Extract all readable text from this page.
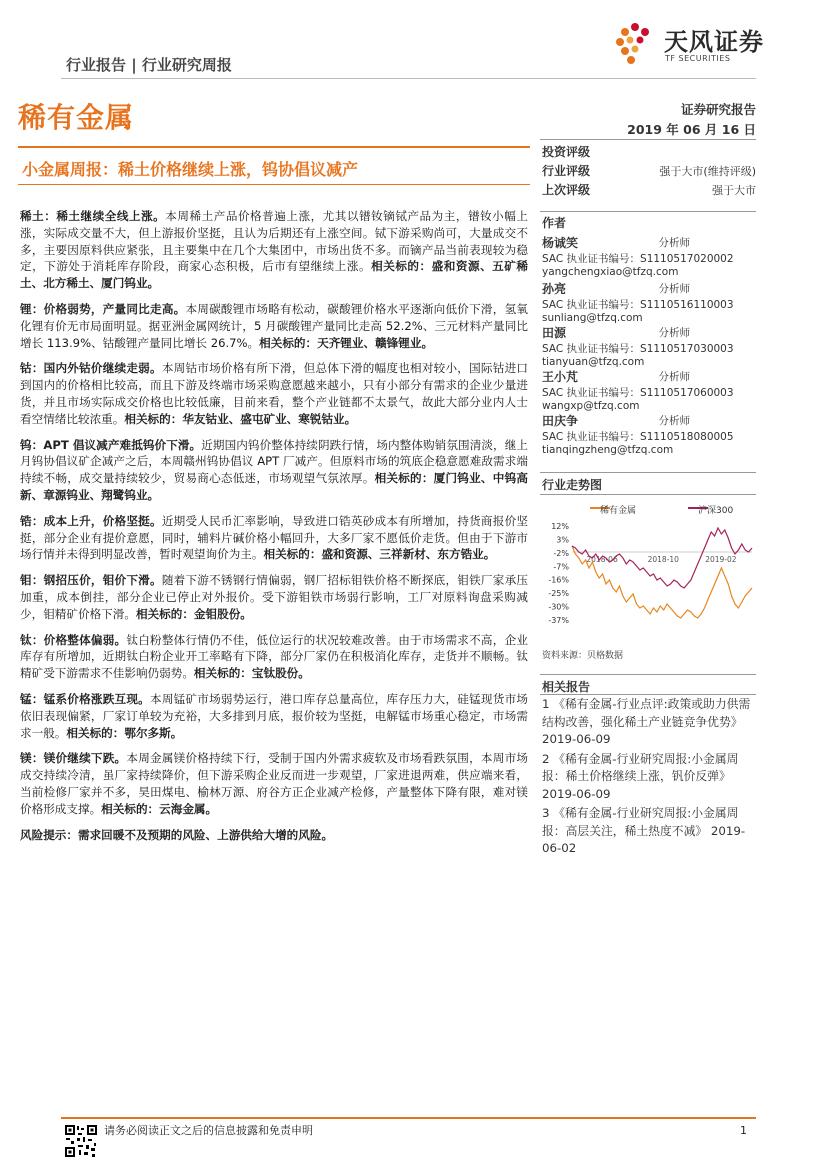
天风证券
TF SECURITIES
行业报告 | 行业研究周报
稀有金属	证券研究报告
2019 年 06 月 16 日
小金属周报：稀土价格继续上涨，钨协倡议减产

稀土：稀土继续全线上涨。本周稀土产品价格普遍上涨，尤其以镨钕镝铽产品为主，镨钕小幅上涨，实际成交量不大，但上游报价坚挺，且认为后期还有上涨空间。铽下游采购尚可，大量成交不多，主要因原料供应紧张，且主要集中在几个大集团中，市场出货不多。而镝产品当前表现较为稳定，下游处于消耗库存阶段，商家心态积极，后市有望继续上涨。相关标的：盛和资源、五矿稀土、北方稀土、厦门钨业。

锂：价格弱势，产量同比走高。本周碳酸锂市场略有松动，碳酸锂价格水平逐渐向低价下滑，氢氧化锂有价无市局面明显。据亚洲金属网统计，5 月碳酸锂产量同比走高 52.2%、三元材料产量同比增长 113.9%、钴酸锂产量同比增长 26.7%。相关标的：天齐锂业、赣锋锂业。

钴：国内外钴价继续走弱。本周钴市场价格有所下滑，但总体下滑的幅度也相对较小，国际钴进口到国内的价格相比较高，而且下游及终端市场采购意愿越来越小，只有小部分有需求的企业少量进货，并且市场实际成交价格也比较低廉，目前来看，整个产业链都不太景气，故此大部分业内人士看空情绪比较浓重。相关标的：华友钴业、盛屯矿业、寒锐钴业。

钨：APT 倡议减产难抵钨价下滑。近期国内钨价整体持续阴跌行情，场内整体购销氛围清淡，继上月钨协倡议矿企减产之后，本周赣州钨协倡议 APT 厂减产。但原料市场的筑底企稳意愿难敌需求端持续不畅，成交量持续较少，贸易商心态低迷，市场观望气氛浓厚。相关标的：厦门钨业、中钨高新、章源钨业、翔鹭钨业。

锆：成本上升，价格坚挺。近期受人民币汇率影响，导致进口锆英砂成本有所增加，持货商报价坚挺，部分企业有提价意愿，同时，辅料片碱价格小幅回升，大多厂家不愿低价走货。但由于下游市场行情并未得到明显改善，暂时观望询价为主。相关标的：盛和资源、三祥新材、东方锆业。

钼：钢招压价，钼价下滑。随着下游不锈钢行情偏弱，钢厂招标钼铁价格不断探底，钼铁厂家承压加重，成本倒挂，部分企业已停止对外报价。受下游钼铁市场弱行影响，工厂对原料询盘采购减少，钼精矿价格下滑。相关标的：金钼股份。

钛：价格整体偏弱。钛白粉整体行情仍不佳，低位运行的状况较难改善。由于市场需求不高，企业库存有所增加，近期钛白粉企业开工率略有下降，部分厂家仍在积极消化库存，走货并不顺畅。钛精矿受下游需求不佳影响仍弱势。相关标的：宝钛股份。

锰：锰系价格涨跌互现。本周锰矿市场弱势运行，港口库存总量高位，库存压力大，硅锰现货市场依旧表现偏紧，厂家订单较为充裕，大多排到月底，报价较为坚挺，电解锰市场重心稳定，市场需求一般。相关标的：鄂尔多斯。

镁：镁价继续下跌。本周金属镁价格持续下行，受制于国内外需求疲软及市场看跌氛围，本周市场成交持续冷清，虽厂家持续降价，但下游采购企业反而进一步观望，厂家进退两难，供应端来看，当前检修厂家并不多，昊田煤电、榆林万源、府谷方正企业减产检修，产量整体下降有限，难对镁价格形成支撑。相关标的：云海金属。

风险提示：需求回暖不及预期的风险、上游供给大增的风险。

投资评级
行业评级	强于大市(维持评级)
上次评级	强于大市
作者
杨诚笑	分析师
SAC 执业证书编号：S1110517020002
yangchengxiao@tfzq.com
孙亮	分析师
SAC 执业证书编号：S1110516110003
sunliang@tfzq.com
田源	分析师
SAC 执业证书编号：S1110517030003
tianyuan@tfzq.com
王小芃	分析师
SAC 执业证书编号：S1110517060003
wangxp@tfzq.com
田庆争	分析师
SAC 执业证书编号：S1110518080005
tianqingzheng@tfzq.com
行业走势图
12%
3%
-2%
-7%
-16%
-25%
-30%
-37%
2018-06	2018-10	2019-02
稀有金属	沪深300
资料来源：贝格数据
相关报告

1 《稀有金属-行业点评:政策或助力供需结构改善，强化稀土产业链竞争优势》 2019-06-09

2 《稀有金属-行业研究周报:小金属周报：稀土价格继续上涨，钒价反弹》 2019-06-09

3 《稀有金属-行业研究周报:小金属周报：高层关注，稀土热度不减》 2019-06-02

请务必阅读正文之后的信息披露和免责申明	1
